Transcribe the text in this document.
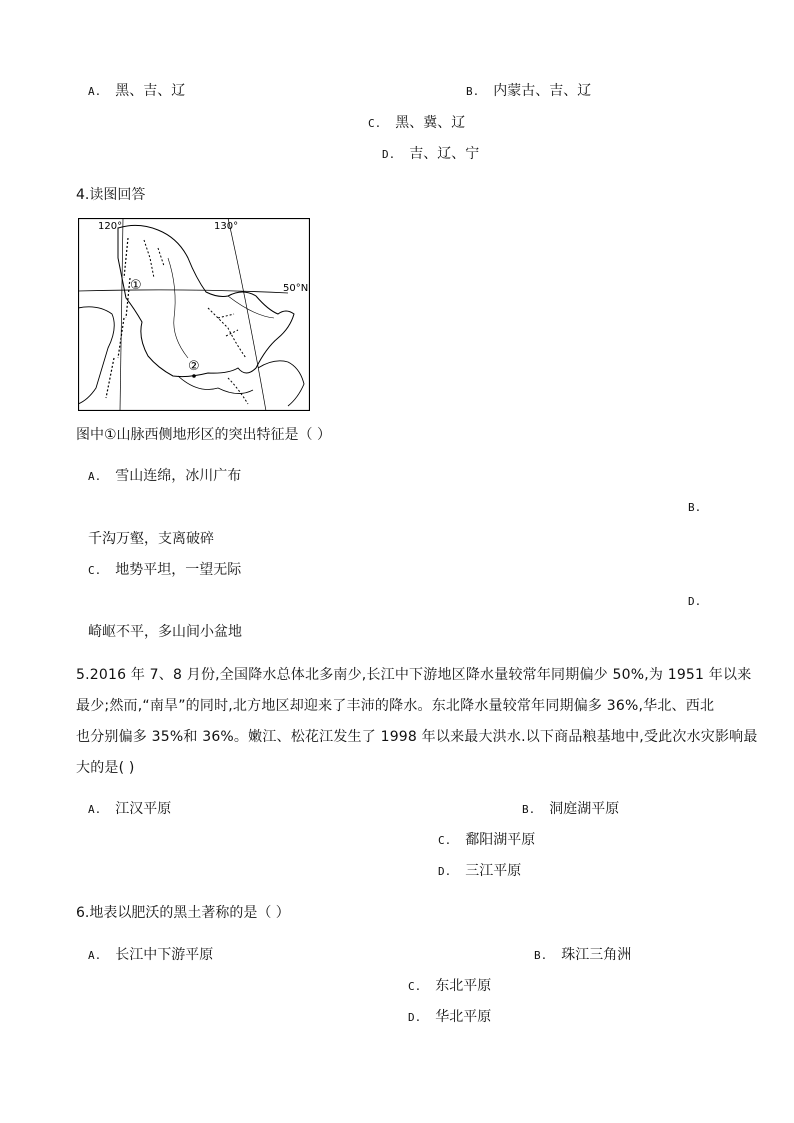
A. 黑、吉、辽	B. 内蒙古、吉、辽
C. 黑、冀、辽
D. 吉、辽、宁
4.读图回答
120°	130°
50°N
①
②
图中①山脉西侧地形区的突出特征是（ ）
A. 雪山连绵，冰川广布
B.
千沟万壑，支离破碎
C. 地势平坦，一望无际
D.
崎岖不平，多山间小盆地
5.2016 年 7、8 月份,全国降水总体北多南少,长江中下游地区降水量较常年同期偏少 50%,为 1951 年以来
最少;然而,“南旱”的同时,北方地区却迎来了丰沛的降水。东北降水量较常年同期偏多 36%,华北、西北
也分别偏多 35%和 36%。嫩江、松花江发生了 1998 年以来最大洪水.以下商品粮基地中,受此次水灾影响最
大的是( )
A. 江汉平原	B. 洞庭湖平原
C. 鄱阳湖平原
D. 三江平原
6.地表以肥沃的黑土著称的是（ ）
A. 长江中下游平原	B. 珠江三角洲
C. 东北平原
D. 华北平原
